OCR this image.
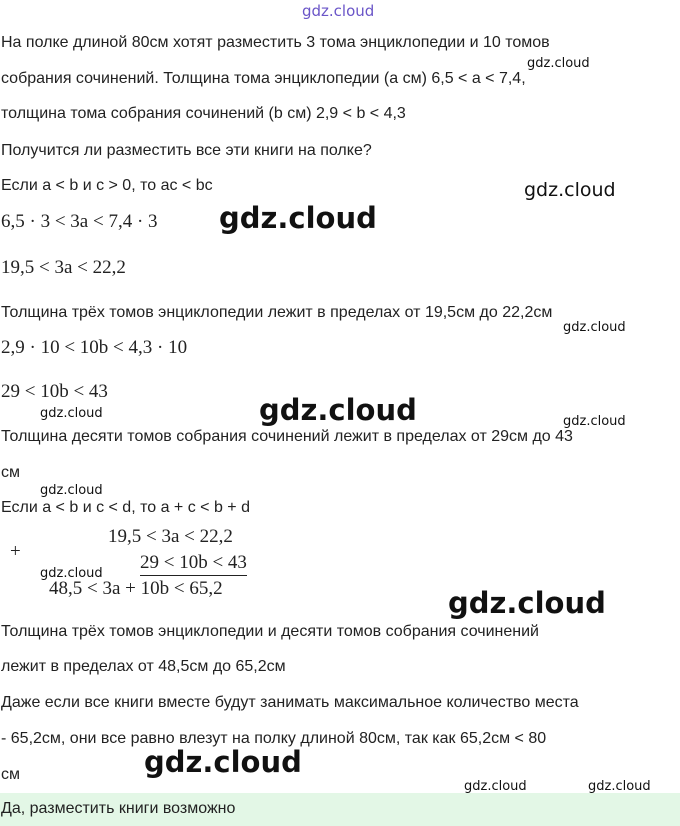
gdz.cloud
На полке длиной 80см хотят разместить 3 тома энциклопедии и 10 томов
собрания сочинений. Толщина тома энциклопедии (a см) 6,5 < a < 7,4,
толщина тома собрания сочинений (b см) 2,9 < b < 4,3
Получится ли разместить все эти книги на полке?
Если a < b и c > 0, то ac < bc
6,5 · 3 < 3a < 7,4 · 3
19,5 < 3a < 22,2
Толщина трёх томов энциклопедии лежит в пределах от 19,5см до 22,2см
2,9 · 10 < 10b < 4,3 · 10
29 < 10b < 43
Толщина десяти томов собрания сочинений лежит в пределах от 29см до 43
см
Если a < b и c < d, то a + c < b + d
+
19,5 < 3a < 22,2
29 < 10b < 43
48,5 < 3a + 10b < 65,2
Толщина трёх томов энциклопедии и десяти томов собрания сочинений
лежит в пределах от 48,5см до 65,2см
Даже если все книги вместе будут занимать максимальное количество места
- 65,2см, они все равно влезут на полку длиной 80см, так как 65,2см < 80
см
Да, разместить книги возможно
gdz.cloud
gdz.cloud
gdz.cloud
gdz.cloud
gdz.cloud
gdz.cloud
gdz.cloud
gdz.cloud
gdz.cloud
gdz.cloud
gdz.cloud
gdz.cloud	gdz.cloud
